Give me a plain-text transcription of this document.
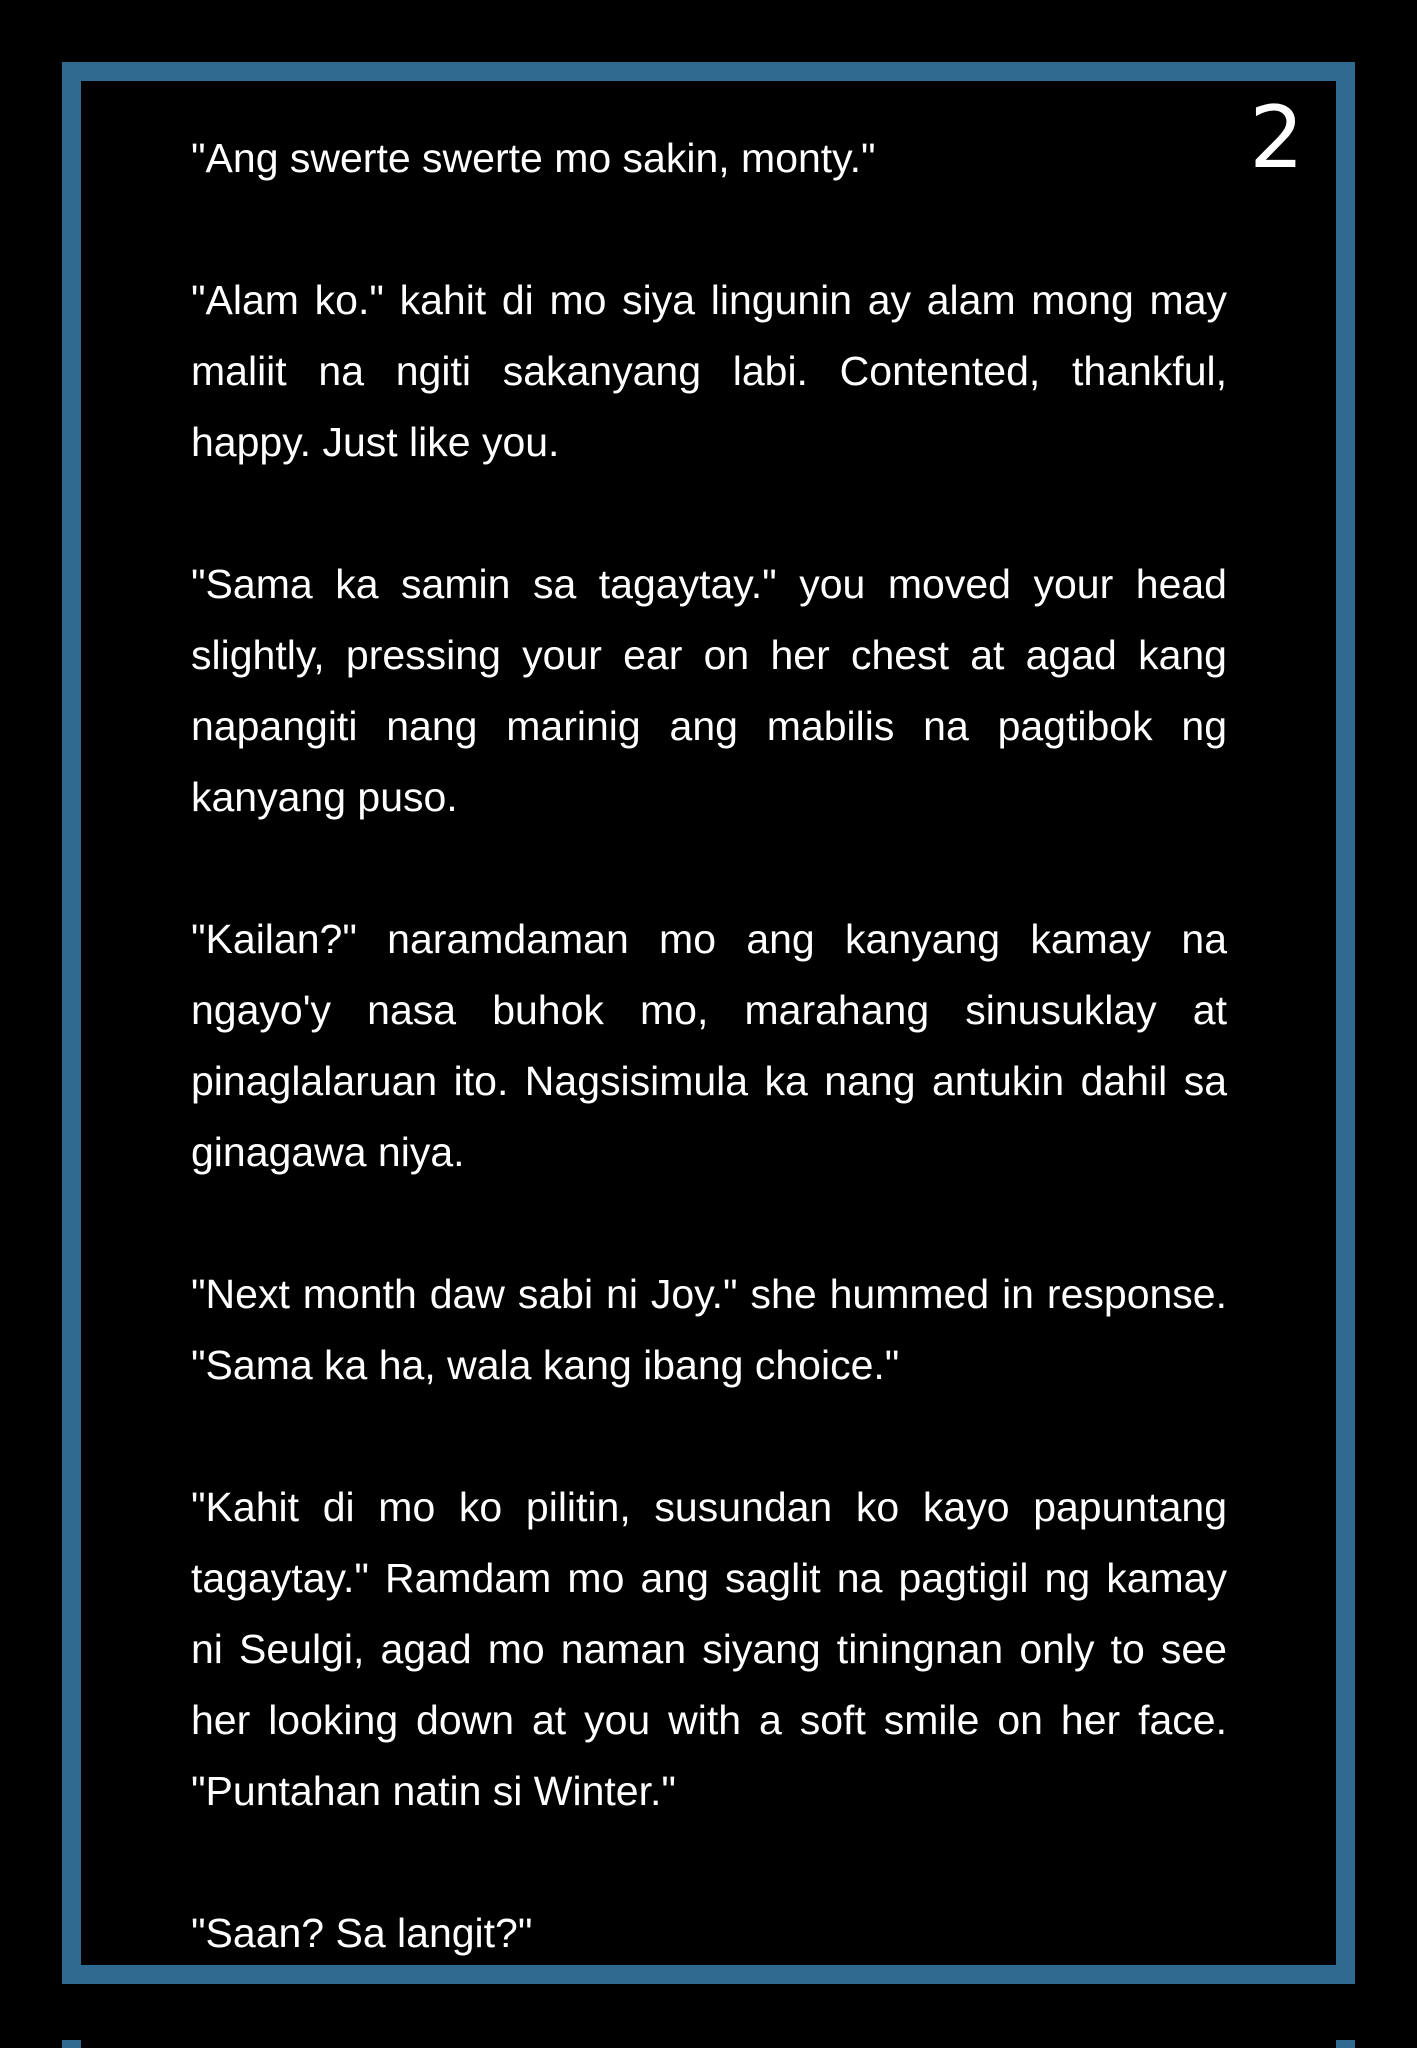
2

"Ang swerte swerte mo sakin, monty."

"Alam ko." kahit di mo siya lingunin ay alam mong may maliit na ngiti sakanyang labi. Contented, thankful, happy. Just like you.

"Sama ka samin sa tagaytay." you moved your head slightly, pressing your ear on her chest at agad kang napangiti nang marinig ang mabilis na pagtibok ng kanyang puso.

"Kailan?" naramdaman mo ang kanyang kamay na ngayo'y nasa buhok mo, marahang sinusuklay at pinaglalaruan ito. Nagsisimula ka nang antukin dahil sa ginagawa niya.

"Next month daw sabi ni Joy." she hummed in response. "Sama ka ha, wala kang ibang choice."

"Kahit di mo ko pilitin, susundan ko kayo papuntang tagaytay." Ramdam mo ang saglit na pagtigil ng kamay ni Seulgi, agad mo naman siyang tiningnan only to see her looking down at you with a soft smile on her face. "Puntahan natin si Winter."

"Saan? Sa langit?"
